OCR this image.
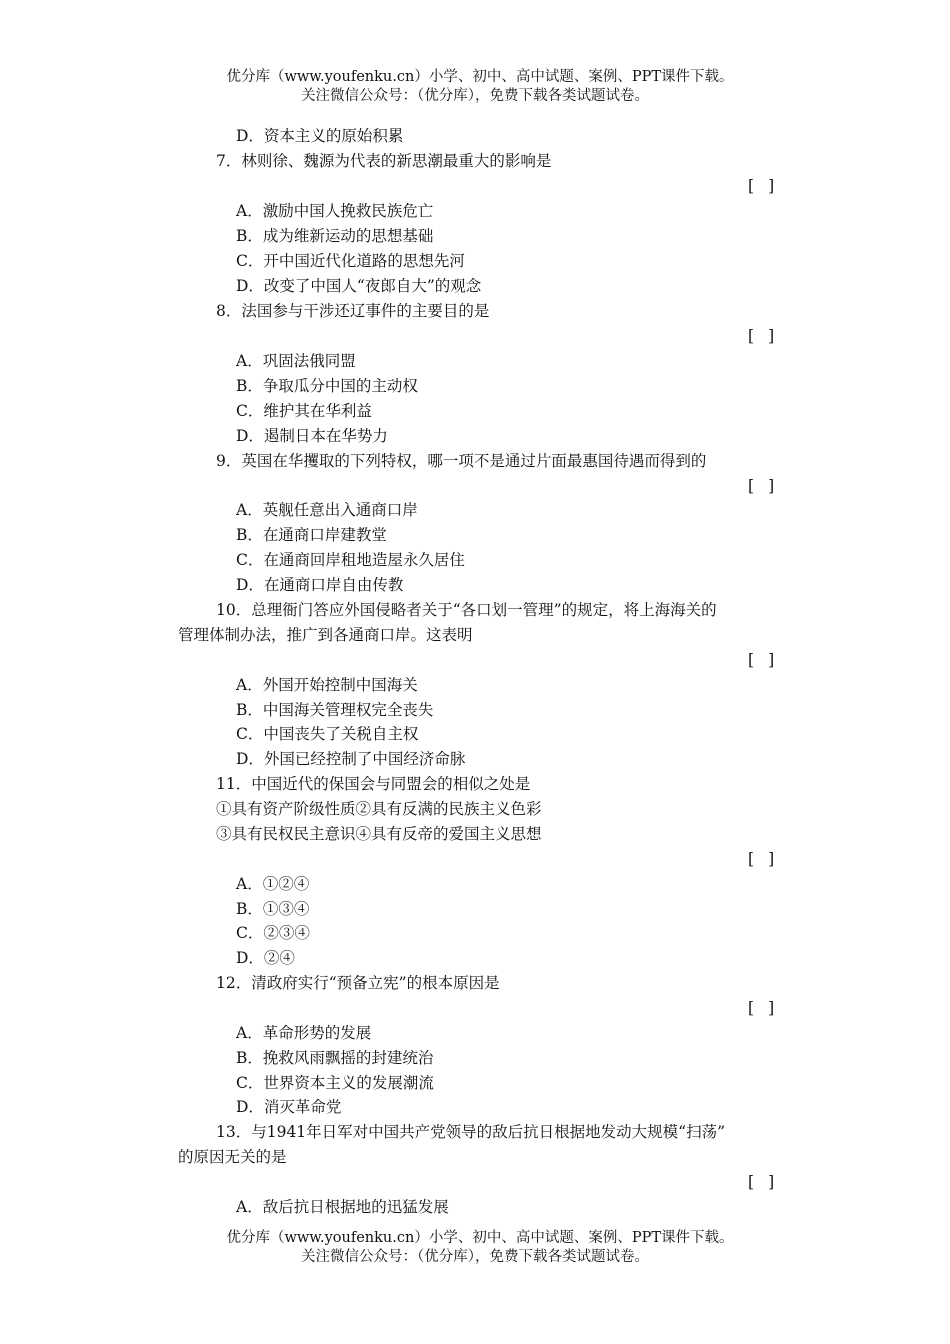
优分库（www.youfenku.cn）小学、初中、高中试题、案例、PPT课件下载。
关注微信公众号：（优分库），免费下载各类试题试卷。
D．资本主义的原始积累
7．林则徐、魏源为代表的新思潮最重大的影响是
[ ]
A．激励中国人挽救民族危亡
B．成为维新运动的思想基础
C．开中国近代化道路的思想先河
D．改变了中国人“夜郎自大”的观念
8．法国参与干涉还辽事件的主要目的是
[ ]
A．巩固法俄同盟
B．争取瓜分中国的主动权
C．维护其在华利益
D．遏制日本在华势力
9．英国在华攫取的下列特权，哪一项不是通过片面最惠国待遇而得到的
[ ]
A．英舰任意出入通商口岸
B．在通商口岸建教堂
C．在通商回岸租地造屋永久居住
D．在通商口岸自由传教
10．总理衙门答应外国侵略者关于“各口划一管理”的规定，将上海海关的
管理体制办法，推广到各通商口岸。这表明
[ ]
A．外国开始控制中国海关
B．中国海关管理权完全丧失
C．中国丧失了关税自主权
D．外国已经控制了中国经济命脉
11．中国近代的保国会与同盟会的相似之处是
①具有资产阶级性质②具有反满的民族主义色彩
③具有民权民主意识④具有反帝的爱国主义思想
[ ]
A．①②④
B．①③④
C．②③④
D．②④
12．清政府实行“预备立宪”的根本原因是
[ ]
A．革命形势的发展
B．挽救风雨飘摇的封建统治
C．世界资本主义的发展潮流
D．消灭革命党
13．与1941年日军对中国共产党领导的敌后抗日根据地发动大规模“扫荡”
的原因无关的是
[ ]
A．敌后抗日根据地的迅猛发展
优分库（www.youfenku.cn）小学、初中、高中试题、案例、PPT课件下载。
关注微信公众号：（优分库），免费下载各类试题试卷。
